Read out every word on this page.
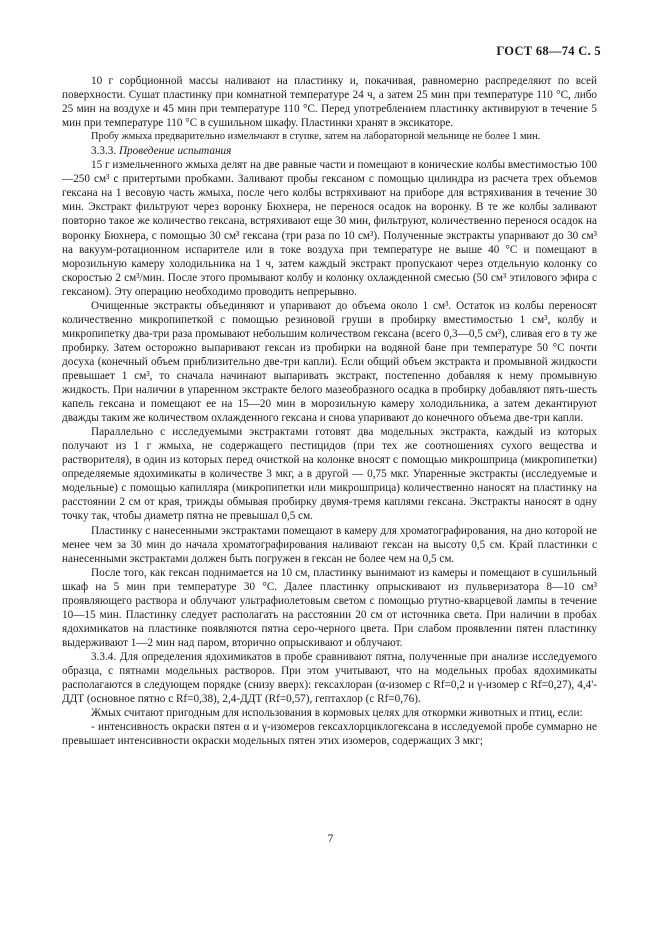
ГОСТ 68—74 С. 5

10 г сорбционной массы наливают на пластинку и, покачивая, равномерно распределяют по всей поверхности. Сушат пластинку при комнатной температуре 24 ч, а затем 25 мин при температуре 110 °С, либо 25 мин на воздухе и 45 мин при температуре 110 °С. Перед употреблением пластинку активируют в течение 5 мин при температуре 110 °С в сушильном шкафу. Пластинки хранят в эксикаторе.

Пробу жмыха предварительно измельчают в ступке, затем на лабораторной мельнице не более 1 мин.

3.3.3. Проведение испытания

15 г измельченного жмыха делят на две равные части и помещают в конические колбы вместимостью 100—250 см³ с притертыми пробками. Заливают пробы гексаном с помощью цилиндра из расчета трех объемов гексана на 1 весовую часть жмыха, после чего колбы встряхивают на приборе для встряхивания в течение 30 мин. Экстракт фильтруют через воронку Бюхнера, не перенося осадок на воронку. В те же колбы заливают повторно такое же количество гексана, встряхивают еще 30 мин, фильтруют, количественно перенося осадок на воронку Бюхнера, с помощью 30 см³ гексана (три раза по 10 см³). Полученные экстракты упаривают до 30 см³ на вакуум-ротационном испарителе или в токе воздуха при температуре не выше 40 °С и помещают в морозильную камеру холодильника на 1 ч, затем каждый экстракт пропускают через отдельную колонку со скоростью 2 см³/мин. После этого промывают колбу и колонку охлажденной смесью (50 см³ этилового эфира с гексаном). Эту операцию необходимо проводить непрерывно.

Очищенные экстракты объединяют и упаривают до объема около 1 см³. Остаток из колбы переносят количественно микропипеткой с помощью резиновой груши в пробирку вместимостью 1 см³, колбу и микропипетку два-три раза промывают небольшим количеством гексана (всего 0,3—0,5 см³), сливая его в ту же пробирку. Затем осторожно выпаривают гексан из пробирки на водяной бане при температуре 50 °С почти досуха (конечный объем приблизительно две-три капли). Если общий объем экстракта и промывной жидкости превышает 1 см³, то сначала начинают выпаривать экстракт, постепенно добавляя к нему промывную жидкость. При наличии в упаренном экстракте белого мазеобразного осадка в пробирку добавляют пять-шесть капель гексана и помещают ее на 15—20 мин в морозильную камеру холодильника, а затем декантируют дважды таким же количеством охлажденного гексана и снова упаривают до конечного объема две-три капли.

Параллельно с исследуемыми экстрактами готовят два модельных экстракта, каждый из которых получают из 1 г жмыха, не содержащего пестицидов (при тех же соотношениях сухого вещества и растворителя), в один из которых перед очисткой на колонке вносят с помощью микрошприца (микропипетки) определяемые ядохимикаты в количестве 3 мкг, а в другой — 0,75 мкг. Упаренные экстракты (исследуемые и модельные) с помощью капилляра (микропипетки или микрошприца) количественно наносят на пластинку на расстоянии 2 см от края, трижды обмывая пробирку двумя-тремя каплями гексана. Экстракты наносят в одну точку так, чтобы диаметр пятна не превышал 0,5 см.

Пластинку с нанесенными экстрактами помещают в камеру для хроматографирования, на дно которой не менее чем за 30 мин до начала хроматографирования наливают гексан на высоту 0,5 см. Край пластинки с нанесенными экстрактами должен быть погружен в гексан не более чем на 0,5 см.

После того, как гексан поднимается на 10 см, пластинку вынимают из камеры и помещают в сушильный шкаф на 5 мин при температуре 30 °С. Далее пластинку опрыскивают из пульверизатора 8—10 см³ проявляющего раствора и облучают ультрафиолетовым светом с помощью ртутно-кварцевой лампы в течение 10—15 мин. Пластинку следует располагать на расстоянии 20 см от источника света. При наличии в пробах ядохимикатов на пластинке появляются пятна серо-черного цвета. При слабом проявлении пятен пластинку выдерживают 1—2 мин над паром, вторично опрыскивают и облучают.

3.3.4. Для определения ядохимикатов в пробе сравнивают пятна, полученные при анализе исследуемого образца, с пятнами модельных растворов. При этом учитывают, что на модельных пробах ядохимикаты располагаются в следующем порядке (снизу вверх): гексахлоран (α-изомер с Rf=0,2 и γ-изомер с Rf=0,27), 4,4'-ДДТ (основное пятно с Rf=0,38), 2,4-ДДТ (Rf=0,57), гептахлор (с Rf=0,76).

Жмых считают пригодным для использования в кормовых целях для откормки животных и птиц, если:

- интенсивность окраски пятен α и γ-изомеров гексахлорциклогексана в исследуемой пробе суммарно не превышает интенсивности окраски модельных пятен этих изомеров, содержащих 3 мкг;

7
